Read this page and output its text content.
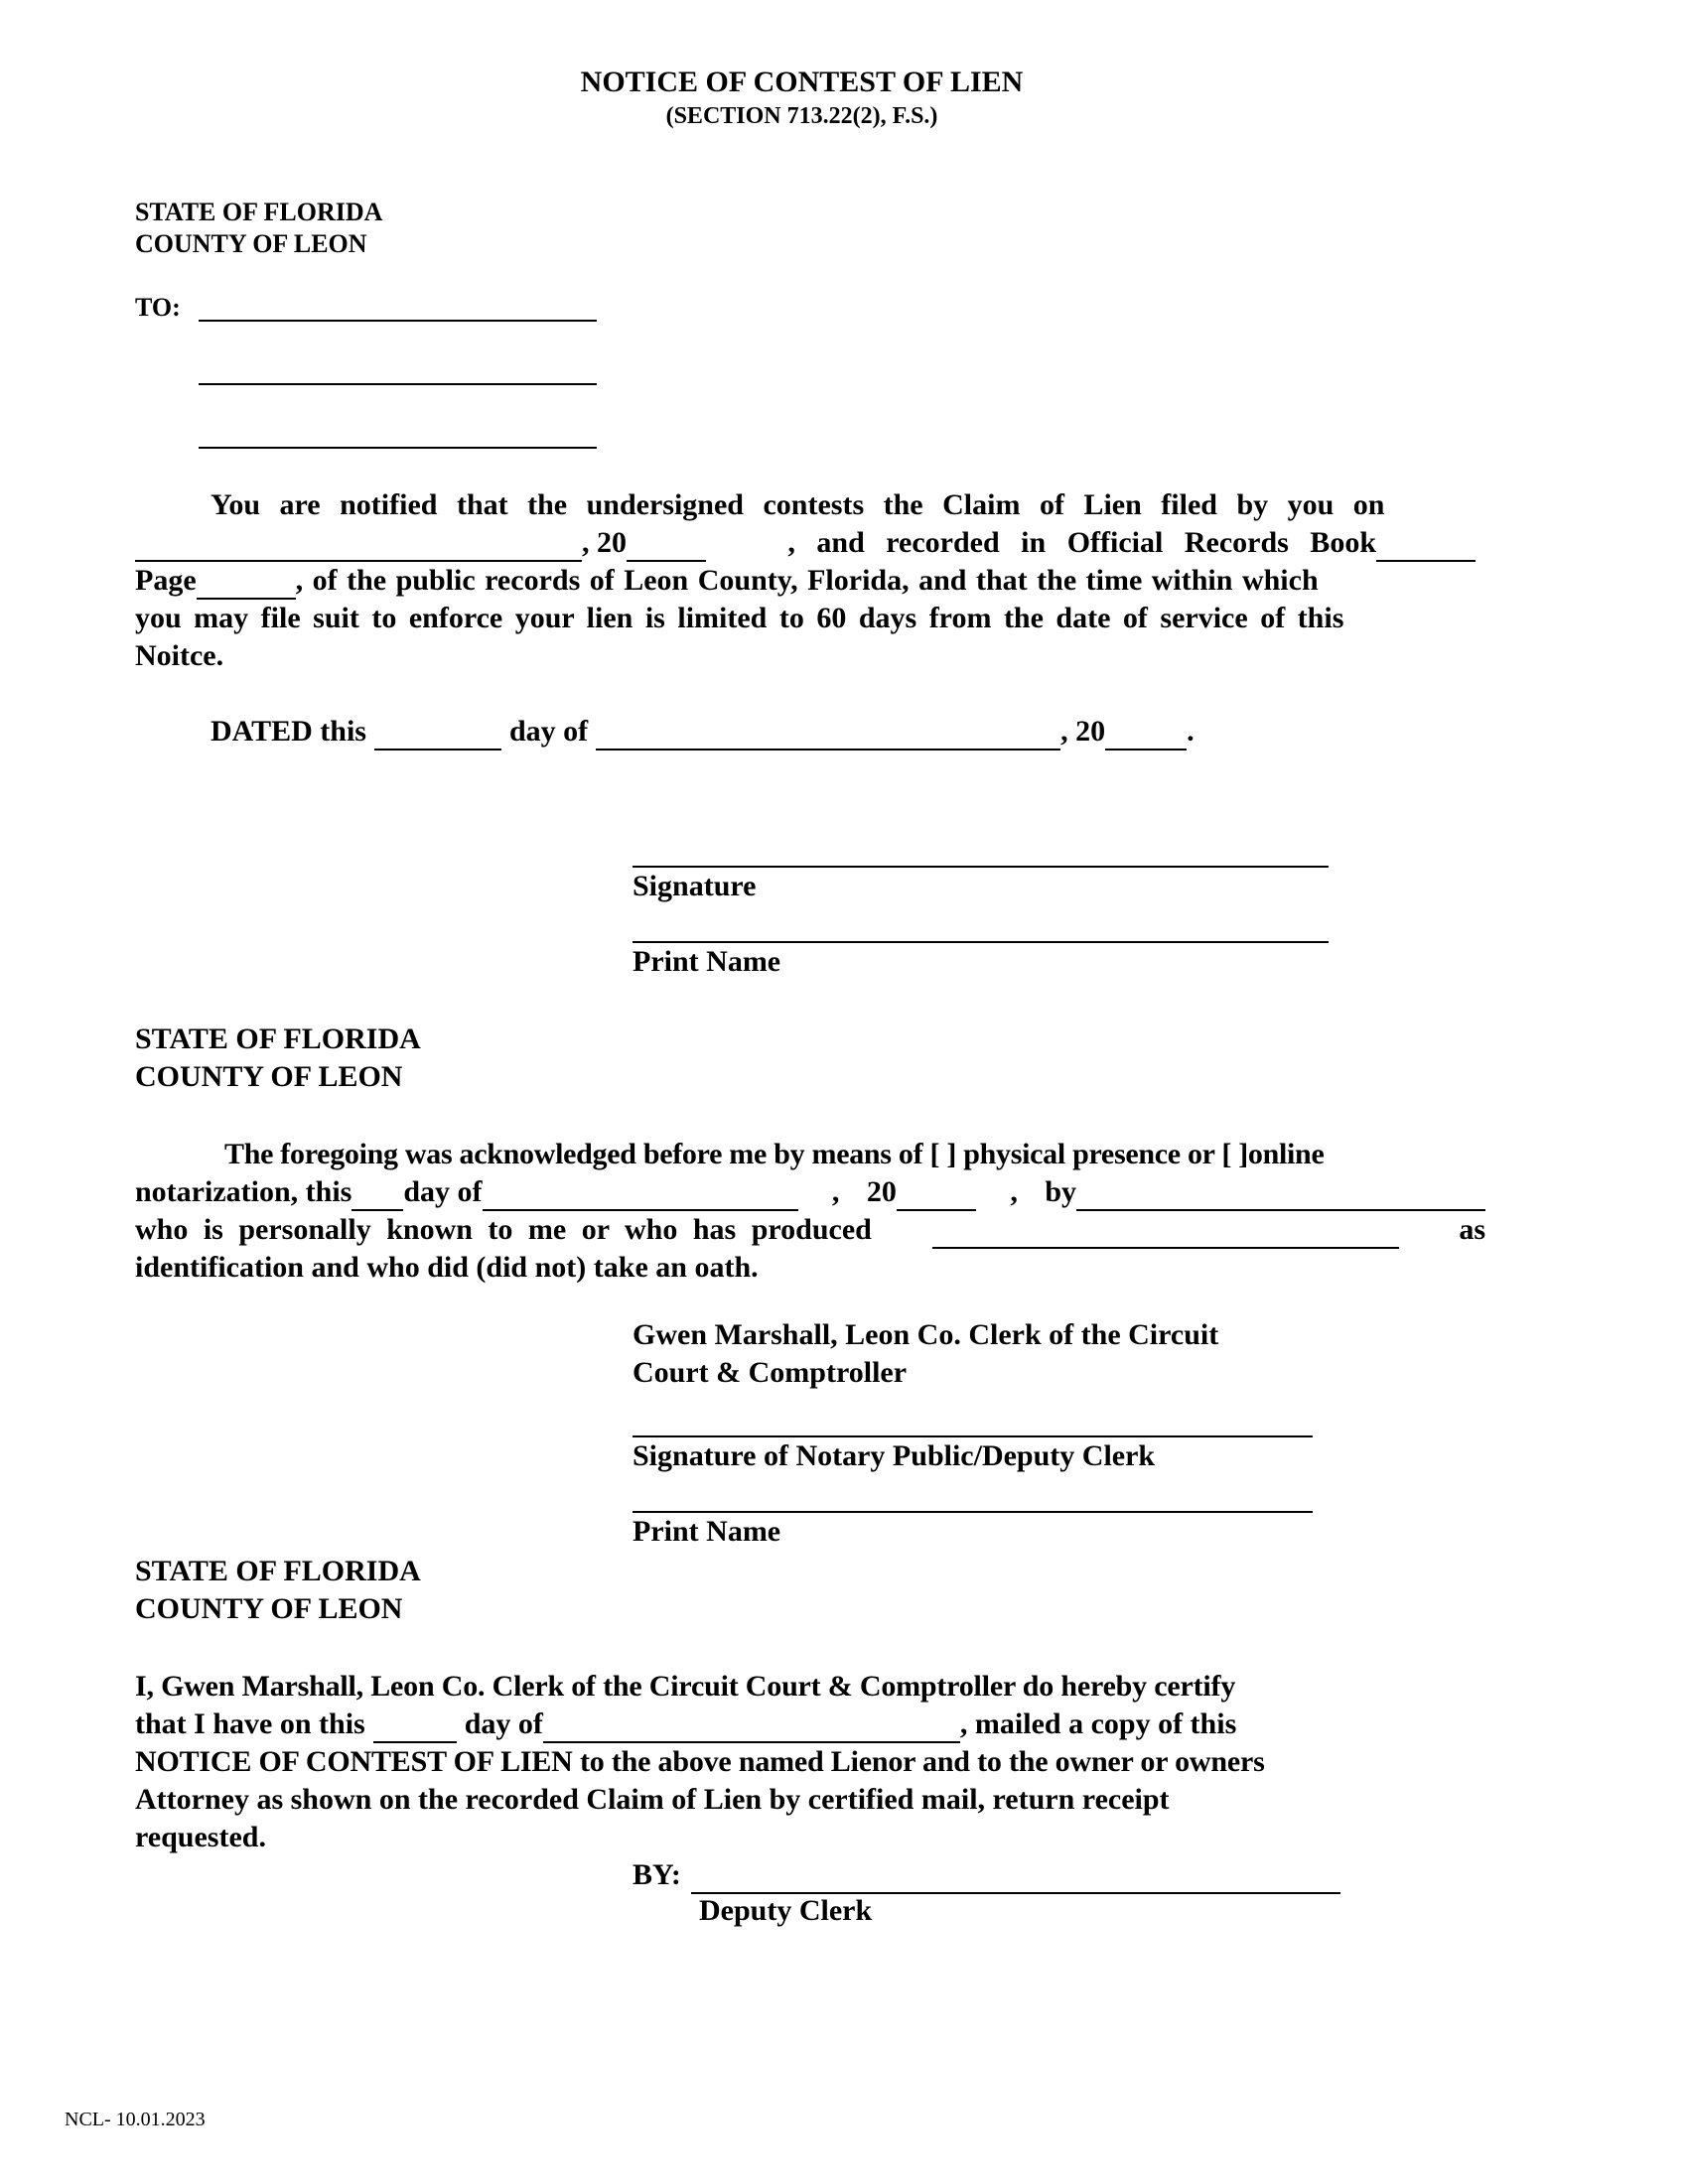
NOTICE OF CONTEST OF LIEN
(SECTION 713.22(2), F.S.)
STATE OF FLORIDA
COUNTY OF LEON
TO:
You are notified that the undersigned contests the Claim of Lien filed by you on
, 20	, and recorded in Official Records Book
Page	, of the public records of Leon County, Florida, and that the time within which
you may file suit to enforce your lien is limited to 60 days from the date of service of this
Noitce.
DATED this	day of	, 20	.
Signature
Print Name
STATE OF FLORIDA
COUNTY OF LEON
The foregoing was acknowledged before me by means of [ ] physical presence or [ ]online
notarization, this day of	, 20	, by
who is personally known to me or who has produced	as
identification and who did (did not) take an oath.
Gwen Marshall, Leon Co. Clerk of the Circuit
Court & Comptroller
Signature of Notary Public/Deputy Clerk
Print Name
STATE OF FLORIDA
COUNTY OF LEON
I, Gwen Marshall, Leon Co. Clerk of the Circuit Court & Comptroller do hereby certify
that I have on this	day of	, mailed a copy of this
NOTICE OF CONTEST OF LIEN to the above named Lienor and to the owner or owners
Attorney as shown on the recorded Claim of Lien by certified mail, return receipt
requested.
BY:
Deputy Clerk
NCL- 10.01.2023
